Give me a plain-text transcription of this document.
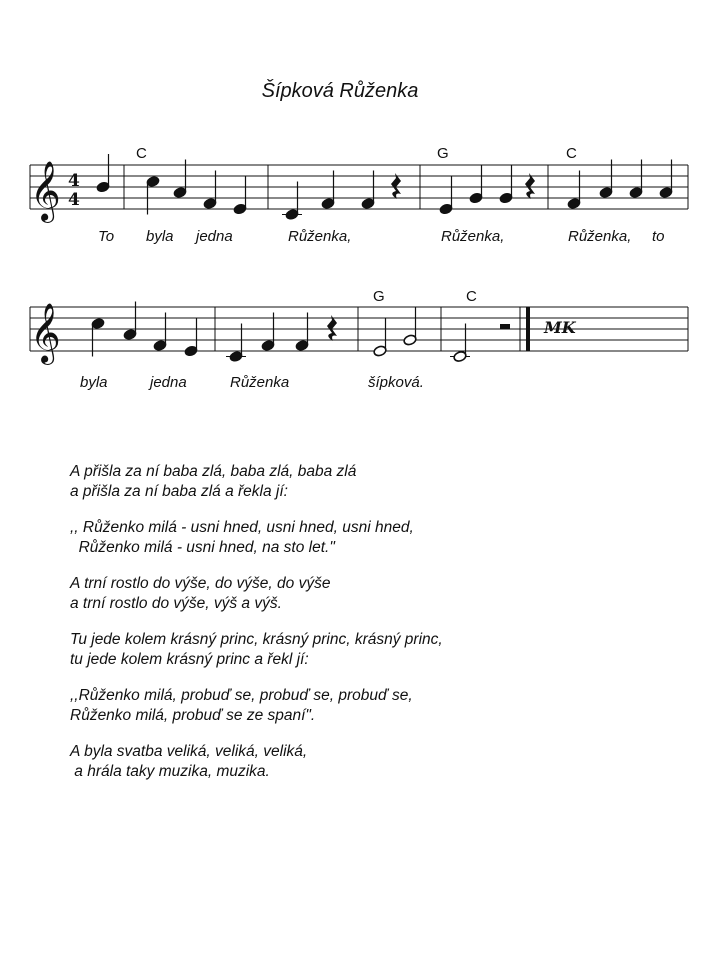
Šípková Růženka
𝄞 4
4
C	G	C
To byla jedna	Růženka,	Růženka,	Růženka, to
𝄞
G	C
MK
byla	jedna	Růženka	šípková.
A přišla za ní baba zlá, baba zlá, baba zlá
a přišla za ní baba zlá a řekla jí:
,, Růženko milá - usni hned, usni hned, usni hned,
Růženko milá - usni hned, na sto let."
A trní rostlo do výše, do výše, do výše
a trní rostlo do výše, výš a výš.
Tu jede kolem krásný princ, krásný princ, krásný princ,
tu jede kolem krásný princ a řekl jí:
,,Růženko milá, probuď se, probuď se, probuď se,
Růženko milá, probuď se ze spaní".
A byla svatba veliká, veliká, veliká,
a hrála taky muzika, muzika.
